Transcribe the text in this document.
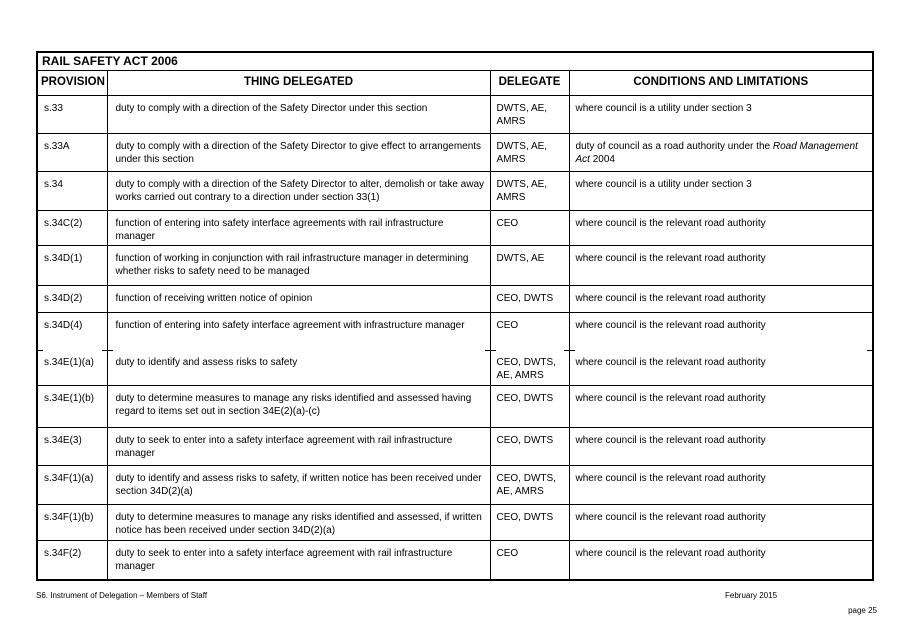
RAIL SAFETY ACT 2006			
PROVISION	THING DELEGATED	DELEGATE	CONDITIONS AND LIMITATIONS
s.33	duty to comply with a direction of the Safety Director under this section	DWTS, AE, AMRS	where council is a utility under section 3
s.33A	duty to comply with a direction of the Safety Director to give effect to arrangements under this section	DWTS, AE, AMRS	duty of council as a road authority under the Road Management Act 2004
s.34	duty to comply with a direction of the Safety Director to alter, demolish or take away works carried out contrary to a direction under section 33(1)	DWTS, AE, AMRS	where council is a utility under section 3
s.34C(2)	function of entering into safety interface agreements with rail infrastructure manager	CEO	where council is the relevant road authority
s.34D(1)	function of working in conjunction with rail infrastructure manager in determining whether risks to safety need to be managed	DWTS, AE	where council is the relevant road authority
s.34D(2)	function of receiving written notice of opinion	CEO, DWTS	where council is the relevant road authority
s.34D(4)	function of entering into safety interface agreement with infrastructure manager	CEO	where council is the relevant road authority
s.34E(1)(a)	duty to identify and assess risks to safety	CEO, DWTS, AE, AMRS	where council is the relevant road authority
s.34E(1)(b)	duty to determine measures to manage any risks identified and assessed having regard to items set out in section 34E(2)(a)-(c)	CEO, DWTS	where council is the relevant road authority
s.34E(3)	duty to seek to enter into a safety interface agreement with rail infrastructure manager	CEO, DWTS	where council is the relevant road authority
s.34F(1)(a)	duty to identify and assess risks to safety, if written notice has been received under section 34D(2)(a)	CEO, DWTS, AE, AMRS	where council is the relevant road authority
s.34F(1)(b)	duty to determine measures to manage any risks identified and assessed, if written notice has been received under section 34D(2)(a)	CEO, DWTS	where council is the relevant road authority
s.34F(2)	duty to seek to enter into a safety interface agreement with rail infrastructure manager	CEO	where council is the relevant road authority
S6. Instrument of Delegation – Members of Staff	February 2015
page 25
